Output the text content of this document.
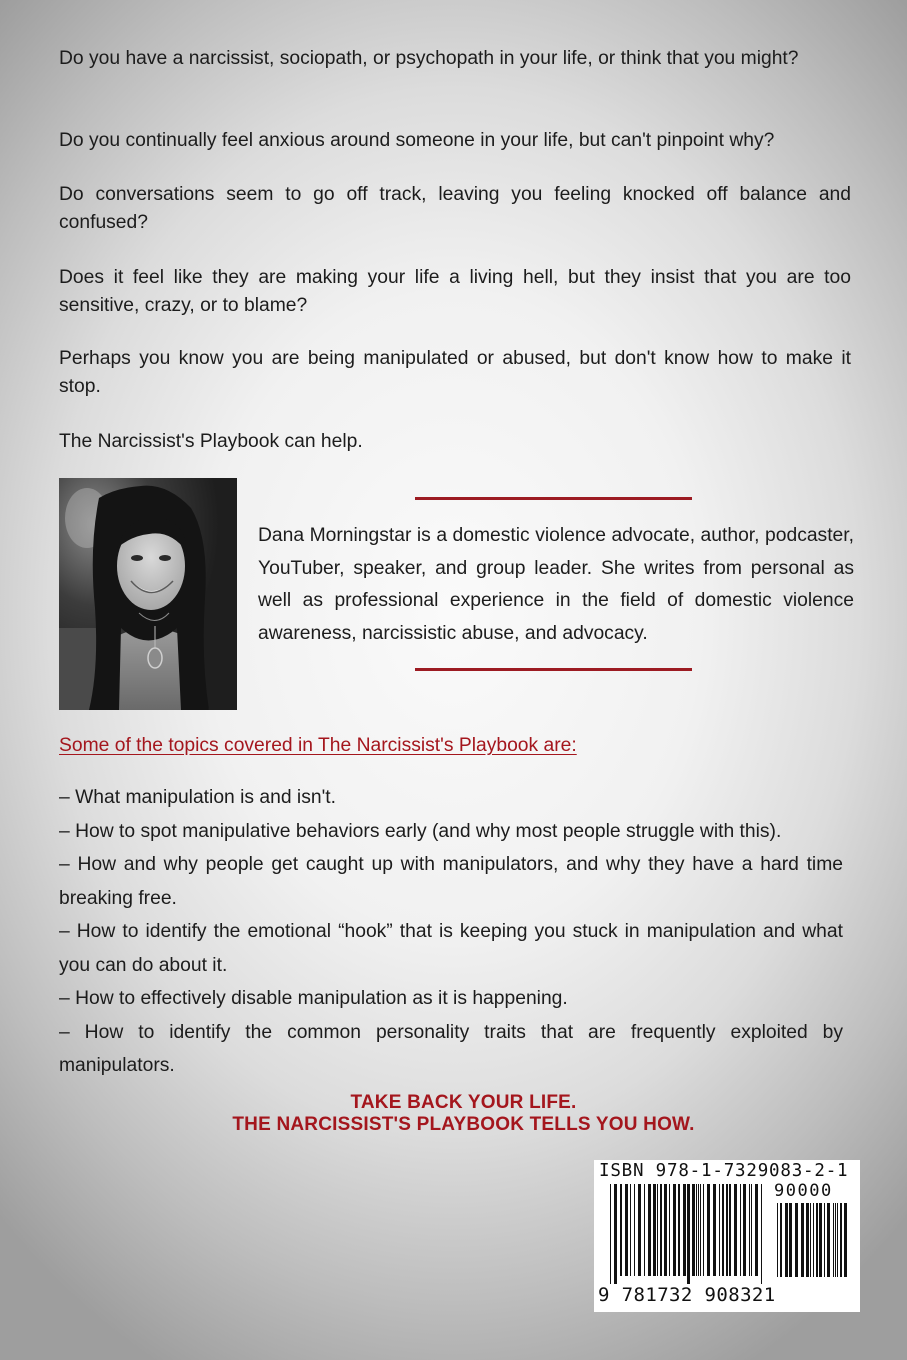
Do you have a narcissist, sociopath, or psychopath in your life, or think that you might?

Do you continually feel anxious around someone in your life, but can't pinpoint why?

Do conversations seem to go off track, leaving you feeling knocked off balance and confused?

Does it feel like they are making your life a living hell, but they insist that you are too sensitive, crazy, or to blame?

Perhaps you know you are being manipulated or abused, but don't know how to make it stop.

The Narcissist's Playbook can help.

Dana Morningstar is a domestic violence advocate, author, podcaster, YouTuber, speaker, and group leader. She writes from personal as well as professional experience in the field of domestic violence awareness, narcissistic abuse, and advocacy.

Some of the topics covered in The Narcissist's Playbook are:

– What manipulation is and isn't.
– How to spot manipulative behaviors early (and why most people struggle with this).
– How and why people get caught up with manipulators, and why they have a hard time breaking free.
– How to identify the emotional “hook” that is keeping you stuck in manipulation and what you can do about it.
– How to effectively disable manipulation as it is happening.
– How to identify the common personality traits that are frequently exploited by manipulators.
TAKE BACK YOUR LIFE.
THE NARCISSIST'S PLAYBOOK TELLS YOU HOW.
ISBN 978-1-7329083-2-1
90000
9 781732 908321
